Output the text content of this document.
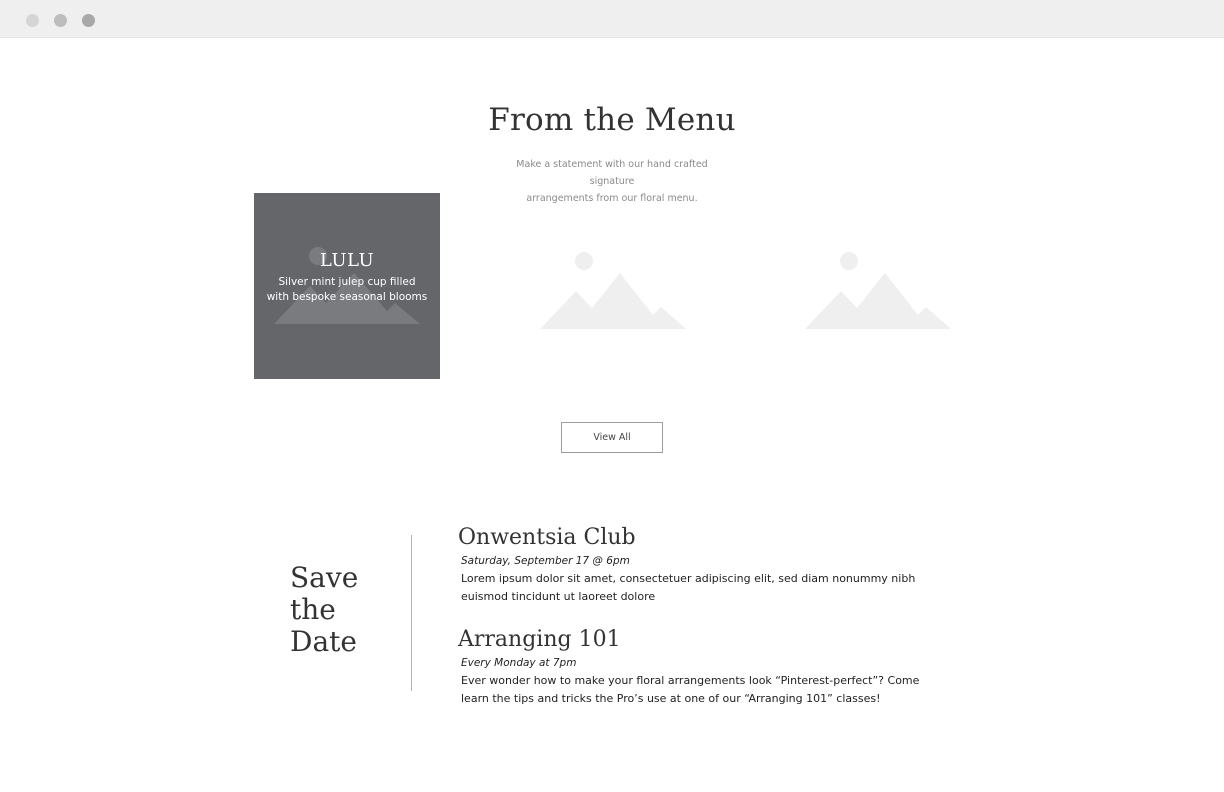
From the Menu
Make a statement with our hand crafted signature
arrangements from our floral menu.
LULU
Silver mint julep cup filled with bespoke seasonal blooms
View All
Save
the
Date
Onwentsia Club
Saturday, September 17 @ 6pm
Lorem ipsum dolor sit amet, consectetuer adipiscing elit, sed diam nonummy nibh euismod tincidunt ut laoreet dolore
Arranging 101
Every Monday at 7pm
Ever wonder how to make your floral arrangements look “Pinterest-perfect”? Come learn the tips and tricks the Pro’s use at one of our “Arranging 101” classes!
